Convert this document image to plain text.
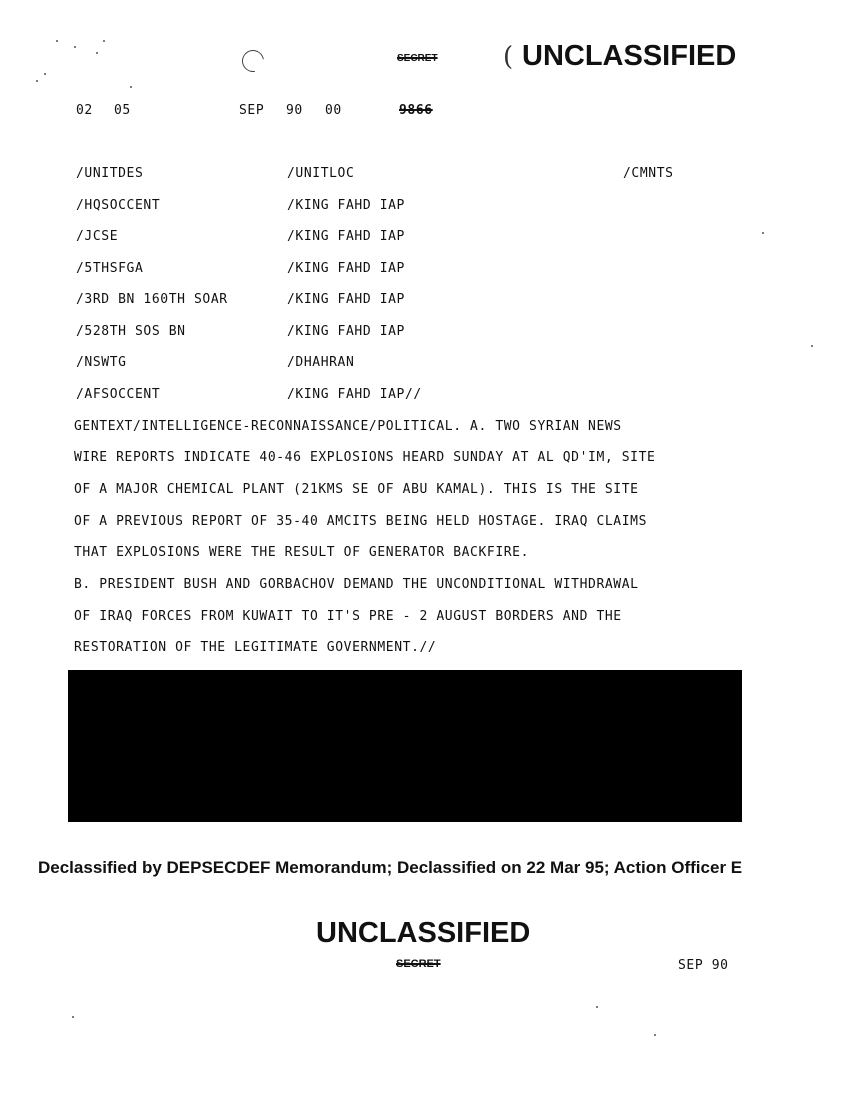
SECRET	( UNCLASSIFIED
02 05	SEP 90 00	9866
/UNITDES	/UNITLOC	/CMNTS
/HQSOCCENT	/KING FAHD IAP
/JCSE	/KING FAHD IAP
/5THSFGA	/KING FAHD IAP
/3RD BN 160TH SOAR	/KING FAHD IAP
/528TH SOS BN	/KING FAHD IAP
/NSWTG	/DHAHRAN
/AFSOCCENT	/KING FAHD IAP//
GENTEXT/INTELLIGENCE-RECONNAISSANCE/POLITICAL. A. TWO SYRIAN NEWS
WIRE REPORTS INDICATE 40-46 EXPLOSIONS HEARD SUNDAY AT AL QD'IM, SITE
OF A MAJOR CHEMICAL PLANT (21KMS SE OF ABU KAMAL). THIS IS THE SITE
OF A PREVIOUS REPORT OF 35-40 AMCITS BEING HELD HOSTAGE. IRAQ CLAIMS
THAT EXPLOSIONS WERE THE RESULT OF GENERATOR BACKFIRE.
B. PRESIDENT BUSH AND GORBACHOV DEMAND THE UNCONDITIONAL WITHDRAWAL
OF IRAQ FORCES FROM KUWAIT TO IT'S PRE - 2 AUGUST BORDERS AND THE
RESTORATION OF THE LEGITIMATE GOVERNMENT.//
Declassified by DEPSECDEF Memorandum; Declassified on 22 Mar 95; Action Officer E
UNCLASSIFIED
SECRET	SEP 90
